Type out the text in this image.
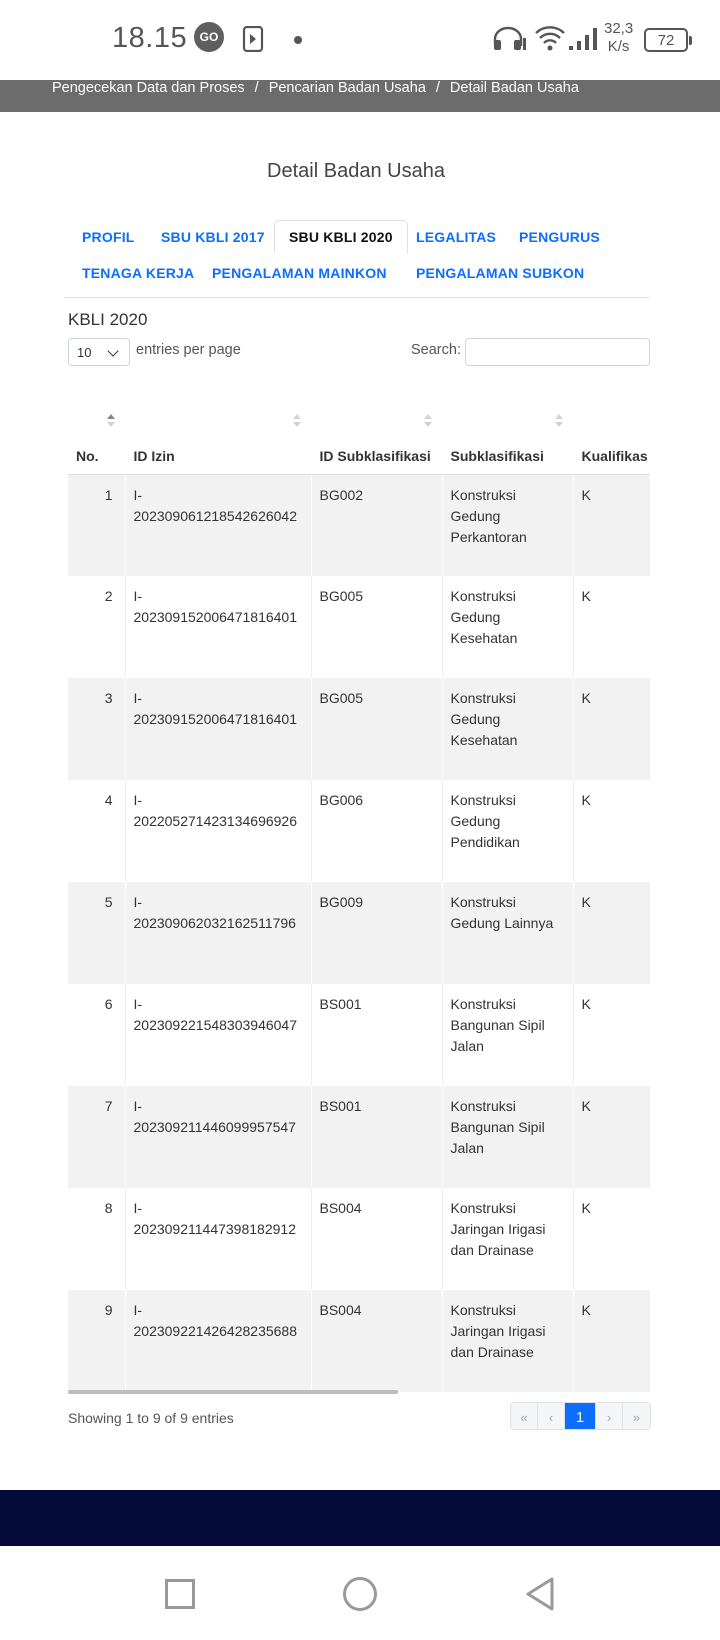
18.15	GO	32,3
K/s	72
Pengecekan Data dan Proses / Pencarian Badan Usaha / Detail Badan Usaha
Detail Badan Usaha
PROFIL SBU KBLI 2017	SBU KBLI 2020	LEGALITAS PENGURUS
TENAGA KERJA PENGALAMAN MAINKON PENGALAMAN SUBKON
KBLI 2020
10	entries per page	Search:
No.	ID Izin	ID Subklasifikasi	Subklasifikasi	Kualifikas
1	I-202309061218542626042	BG002	Konstruksi Gedung Perkantoran	K
2	I-202309152006471816401	BG005	Konstruksi Gedung Kesehatan	K
3	I-202309152006471816401	BG005	Konstruksi Gedung Kesehatan	K
4	I-202205271423134696926	BG006	Konstruksi Gedung Pendidikan	K
5	I-202309062032162511796	BG009	Konstruksi Gedung Lainnya	K
6	I-202309221548303946047	BS001	Konstruksi Bangunan Sipil Jalan	K
7	I-202309211446099957547	BS001	Konstruksi Bangunan Sipil Jalan	K
8	I-202309211447398182912	BS004	Konstruksi Jaringan Irigasi dan Drainase	K
9	I-202309221426428235688	BS004	Konstruksi Jaringan Irigasi dan Drainase	K
Showing 1 to 9 of 9 entries	«	‹	1	›	»
